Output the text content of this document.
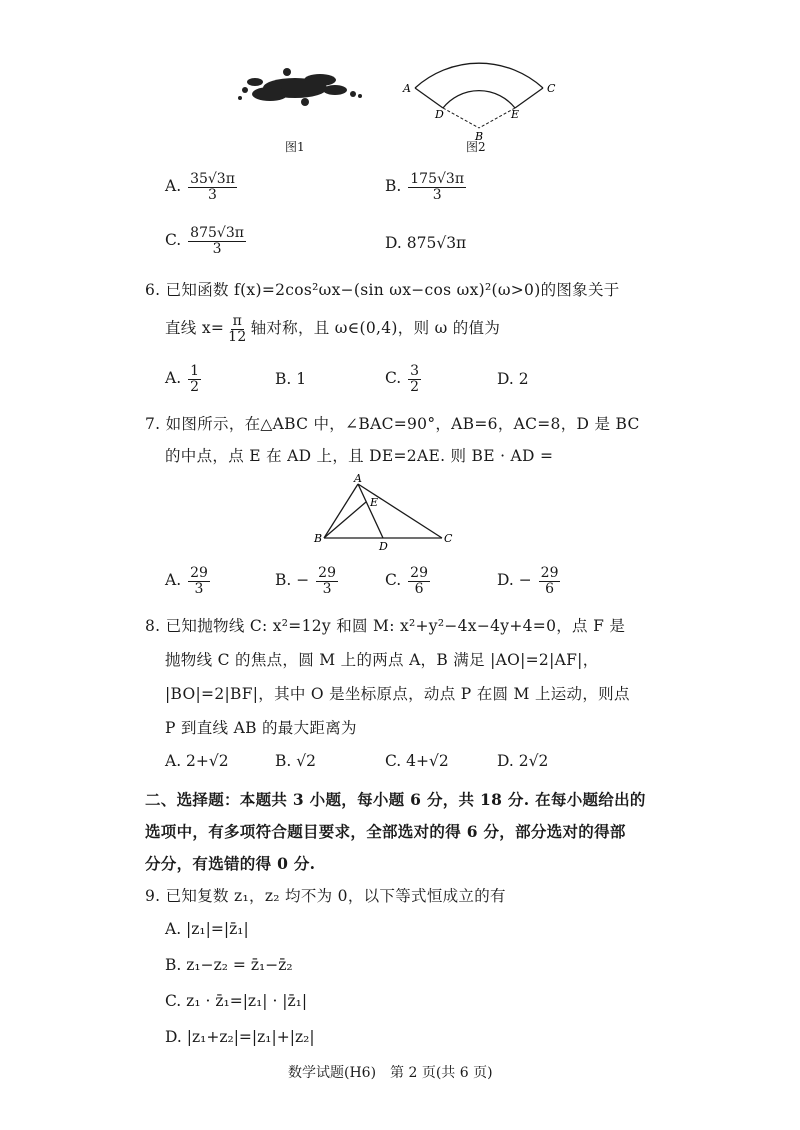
图1
A	C
D	E
B
图2
A. $\frac{35√3\pi}{3}$	B. $\frac{175√3\pi}{3}$
C. $\frac{875√3\pi}{3}$	D. 875√3π
6. 已知函数 f(x)=2cos²ωx−(sin ωx−cos ωx)²(ω>0)的图象关于
直线 $x= \frac{\pi}{12}$ 轴对称，且 ω∈(0,4)，则 ω 的值为
A. $\frac{1}{2}$	B. 1	C. $\frac{3}{2}$	D. 2
7. 如图所示，在△ABC 中，∠BAC=90°，AB=6，AC=8，D 是 BC
的中点，点 E 在 AD 上，且 DE=2AE. 则 BE · AD =
A
E
B
D
C
A. $\frac{29}{3}$	B. − $\frac{29}{3}$	C. $\frac{29}{6}$	D. − $\frac{29}{6}$
8. 已知抛物线 C: x²=12y 和圆 M: x²+y²−4x−4y+4=0，点 F 是
抛物线 C 的焦点，圆 M 上的两点 A，B 满足 |AO|=2|AF|，
|BO|=2|BF|，其中 O 是坐标原点，动点 P 在圆 M 上运动，则点
P 到直线 AB 的最大距离为
A. 2+√2	B. √2	C. 4+√2	D. 2√2
二、选择题：本题共 3 小题，每小题 6 分，共 18 分. 在每小题给出的
选项中，有多项符合题目要求，全部选对的得 6 分，部分选对的得部
分分，有选错的得 0 分.
9. 已知复数 z₁，z₂ 均不为 0，以下等式恒成立的有
A. |z₁|=|z̄₁|
B. z₁−z₂ = z̄₁−z̄₂
C. z₁ · z̄₁=|z₁| · |z̄₁|
D. |z₁+z₂|=|z₁|+|z₂|
数学试题(H6)　第 2 页(共 6 页)
